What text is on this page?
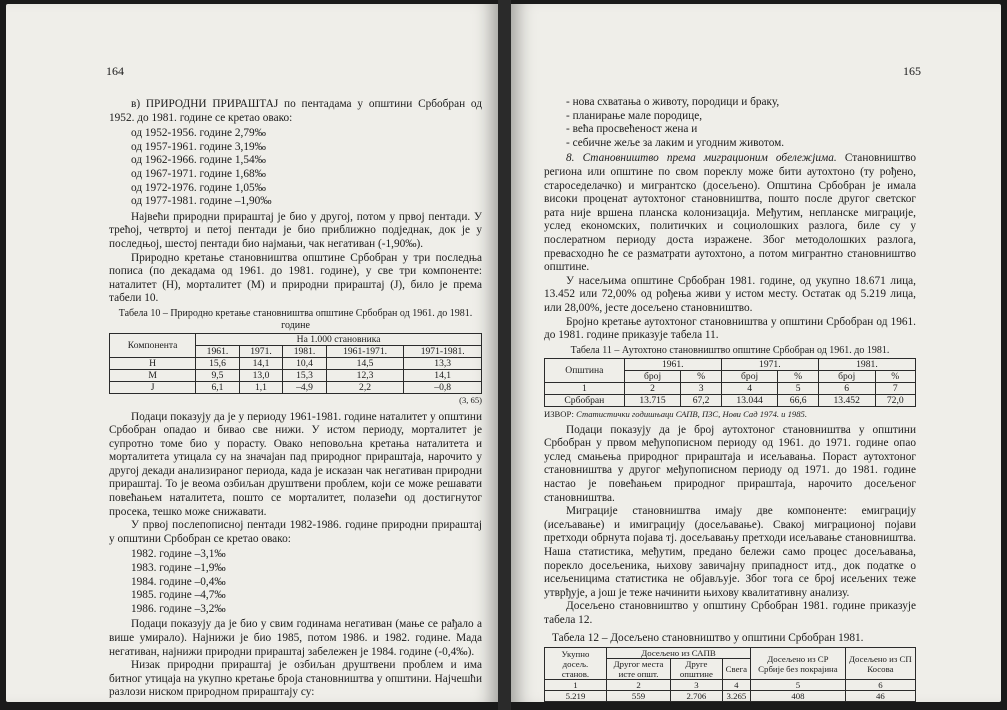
164

в) ПРИРОДНИ ПРИРАШТАЈ по пентадама у општини Србобран од 1952. до 1981. године се кретао овако:

од 1952-1956. године 2,79‰
од 1957-1961. године 3,19‰
од 1962-1966. године 1,54‰
од 1967-1971. године 1,68‰
од 1972-1976. године 1,05‰
од 1977-1981. године –1,90‰

Највећи природни прираштај је био у другој, потом у првој пентади. У трећој, четвртој и петој пентади је био приближно подједнак, док је у последњој, шестој пентади био најмањи, чак негативан (-1,90‰).

Природно кретање становништва општине Србобран у три последња пописа (по декадама од 1961. до 1981. године), у све три компоненте: наталитет (Н), морталитет (М) и природни прираштај (Ј), било је према табели 10.

Табела 10 – Природно кретање становништва општине Србобран од 1961. до 1981. године
Компонента	На 1.000 становника				
	1961.	1971.	1981.	1961-1971.	1971-1981.
Н	15,6	14,1	10,4	14,5	13,3
М	9,5	13,0	15,3	12,3	14,1
Ј	6,1	1,1	–4,9	2,2	–0,8
(3, 65)

Подаци показују да је у периоду 1961-1981. године наталитет у општини Србобран опадао и бивао све нижи. У истом периоду, морталитет је супротно томе био у порасту. Овако неповољна кретања наталитета и морталитета утицала су на значајан пад природног прираштаја, нарочито у другој декади анализираног периода, када је исказан чак негативан природни прираштај. То је веома озбиљан друштвени проблем, који се може решавати повећањем наталитета, пошто се морталитет, полазећи од достигнутог просека, тешко може снижавати.

У првој послепописној пентади 1982-1986. године природни прираштај у општини Србобран се кретао овако:

1982. године –3,1‰
1983. године –1,9‰
1984. године –0,4‰
1985. године –4,7‰
1986. године –3,2‰

Подаци показују да је био у свим годинама негативан (мање се рађало а више умирало). Најнижи је био 1985, потом 1986. и 1982. године. Мада негативан, најнижи природни прираштај забележен је 1984. године (-0,4‰).

Низак природни прираштај је озбиљан друштвени проблем и има битног утицаја на укупно кретање броја становништва у општини. Најчешћи разлози ниском природном прираштају су:

165
- нова схватања о животу, породици и браку,
- планирање мале породице,
- већа просвећеност жена и
- себичне жеље за лаким и угодним животом.

8. Становништво према миграционим обележјима. Становништво региона или општине по свом пореклу може бити аутохтоно (ту рођено, староседелачко) и мигрантско (досељено). Општина Србобран је имала високи проценат аутохтоног становништва, пошто после другог светског рата није вршена планска колонизација. Међутим, непланске миграције, услед економских, политичких и социолошких разлога, биле су у послератном периоду доста изражене. Због методолошких разлога, превасходно ће се разматрати аутохтоно, а потом мигрантно становништво општине.

У насељима општине Србобран 1981. године, од укупно 18.671 лица, 13.452 или 72,00% од рођења живи у истом месту. Остатак од 5.219 лица, или 28,00%, јесте досељено становништво.

Бројно кретање аутохтоног становништва у општини Србобран од 1961. до 1981. године приказује табела 11.

Табела 11 – Аутохтоно становништво општине Србобран од 1961. до 1981.
Општина	1961.		1971.		1981.	
	број	%	број	%	број	%
1	2	3	4	5	6	7
Србобран	13.715	67,2	13.044	66,6	13.452	72,0
ИЗВОР: Статистички годишњаци САПВ, ПЗС, Нови Сад 1974. и 1985.

Подаци показују да је број аутохтоног становништва у општини Србобран у првом међупописном периоду од 1961. до 1971. године опао услед смањења природног прираштаја и исељавања. Пораст аутохтоног становништва у другог међупописном периоду од 1971. до 1981. године настао је повећањем природног прираштаја, нарочито досељеног становништва.

Миграције становништва имају две компоненте: емиграцију (исељавање) и имиграцију (досељавање). Свакој миграционој појави претходи обрнута појава тј. досељавању претходи исељавање становништва. Наша статистика, међутим, предано бележи само процес досељавања, порекло досељеника, њихову завичајну припадност итд., док податке о исељеницима статистика не објављује. Због тога се број исељених теже утврђује, а још је теже начинити њихову квалитативну анализу.

Досељено становништво у општину Србобран 1981. године приказује табела 12.

Табела 12 – Досељено становништво у општини Србобран 1981.
Укупно досељ. станов.	Досељено из САПВ			Досељено из СР Србије без покрајина	Досељено из СП Косова
	Другог места исте општ.	Друге општине	Свега		
1	2	3	4	5	6
5.219	559	2.706	3.265	408	46
